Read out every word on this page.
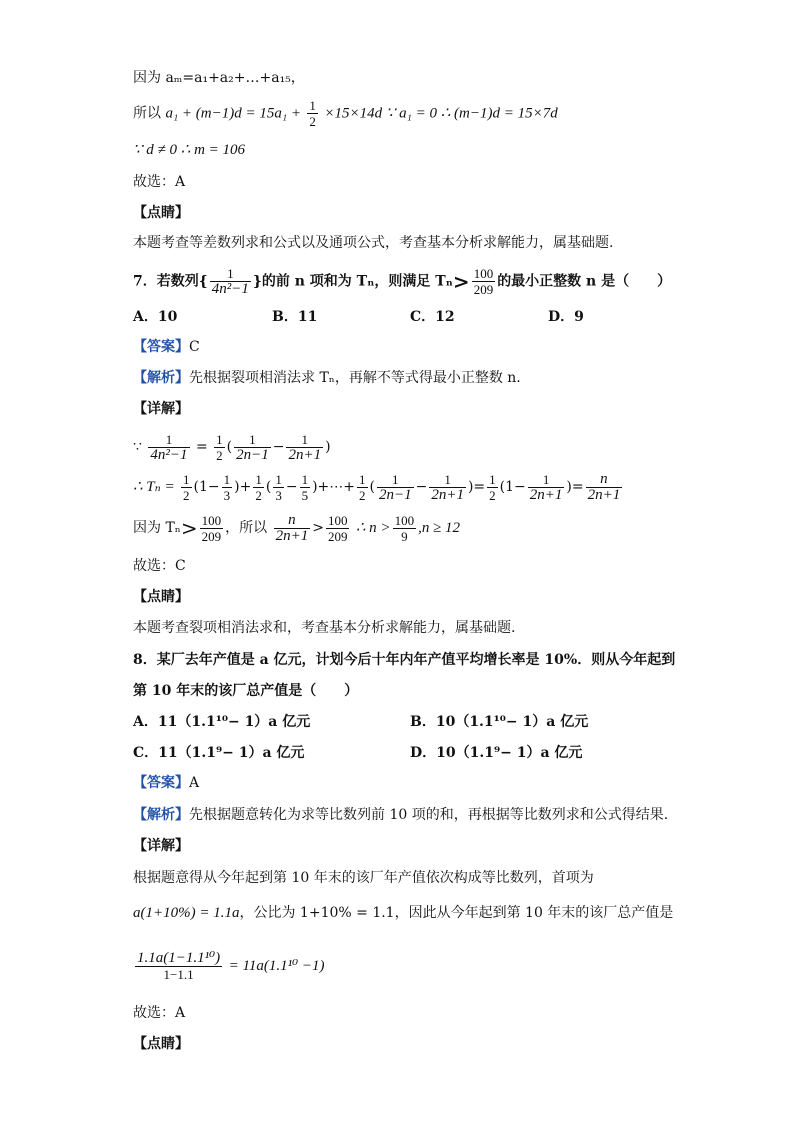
因为 aₘ=a₁+a₂+…+a₁₅，
所以 $a_1 + (m-1)d = 15a_1 + \frac{1}{2} \times 15\times 14d$ ∵ a₁ = 0 ∴ (m−1)d = 15×7d
∵ d ≠ 0 ∴ m = 106
故选：A
【点睛】
本题考查等差数列求和公式以及通项公式，考查基本分析求解能力，属基础题.
7．若数列{ $\frac{1}{\text{4n²−1}}$ }的前 n 项和为 Tₙ，则满足 $T_n> \frac{100}{209}$ 的最小正整数 n 是（　　）
A．10	B．11	C．12	D．9
【答案】C
【解析】先根据裂项相消法求 Tₙ，再解不等式得最小正整数 n.
【详解】
∵ $\frac{1}{\text{4n²−1}} = \frac{1}{2}$ ( $\frac{1}{2n-1} - \frac{1}{2n+1}$ )
∴ $T_n = \frac{1}{2} (1- \frac{1}{3}$ )+ $\frac{1}{2}$ ( $\frac{1}{3} - \frac{1}{5}$ )+⋯+ $\frac{1}{2}$ ( $\frac{1}{2n-1} - \frac{1}{2n+1}$ )= $\frac{1}{2} (1- \frac{1}{2n+1}$ )= $\frac{n}{2n+1}$
因为 $T_n> \frac{100}{209}$ ，所以 $\frac{n}{2n+1} > \frac{100}{209}$ ∴ $n > \frac{100}{9} ,n \ge 12$
故选：C
【点睛】
本题考查裂项相消法求和，考查基本分析求解能力，属基础题.
8．某厂去年产值是 a 亿元，计划今后十年内年产值平均增长率是 10%．则从今年起到
第 10 年末的该厂总产值是（　　）
A．11（1.1¹⁰− 1）a 亿元	B．10（1.1¹⁰− 1）a 亿元
C．11（1.1⁹− 1）a 亿元	D．10（1.1⁹− 1）a 亿元
【答案】A
【解析】先根据题意转化为求等比数列前 10 项的和，再根据等比数列求和公式得结果.
【详解】
根据题意得从今年起到第 10 年末的该厂年产值依次构成等比数列，首项为
a(1+10%) = 1.1a，公比为 1+10% = 1.1，因此从今年起到第 10 年末的该厂总产值是
$\frac{\text{1.1a(1−1.1¹⁰)}}{1-1.1} = 11a(1.1^{10} -1)$
故选：A
【点睛】
